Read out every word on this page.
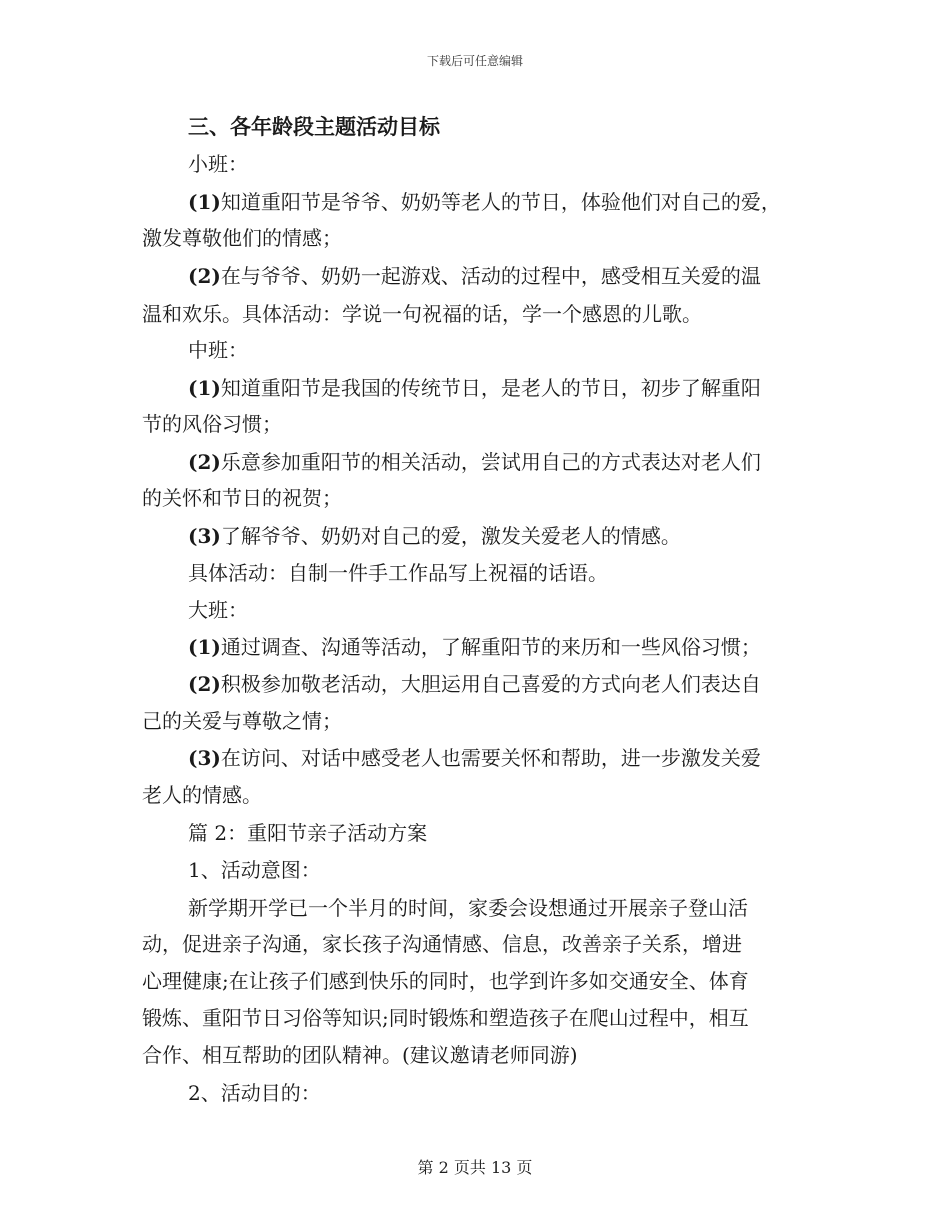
下载后可任意编辑
三、各年龄段主题活动目标
小班：
(1)知道重阳节是爷爷、奶奶等老人的节日，体验他们对自己的爱，
激发尊敬他们的情感；
(2)在与爷爷、奶奶一起游戏、活动的过程中，感受相互关爱的温
温和欢乐。具体活动：学说一句祝福的话，学一个感恩的儿歌。
中班：
(1)知道重阳节是我国的传统节日，是老人的节日，初步了解重阳
节的风俗习惯；
(2)乐意参加重阳节的相关活动，尝试用自己的方式表达对老人们
的关怀和节日的祝贺；
(3)了解爷爷、奶奶对自己的爱，激发关爱老人的情感。
具体活动：自制一件手工作品写上祝福的话语。
大班：
(1)通过调查、沟通等活动，了解重阳节的来历和一些风俗习惯；
(2)积极参加敬老活动，大胆运用自己喜爱的方式向老人们表达自
己的关爱与尊敬之情；
(3)在访问、对话中感受老人也需要关怀和帮助，进一步激发关爱
老人的情感。
篇 2：重阳节亲子活动方案
1、活动意图：
新学期开学已一个半月的时间，家委会设想通过开展亲子登山活
动，促进亲子沟通，家长孩子沟通情感、信息，改善亲子关系，增进
心理健康;在让孩子们感到快乐的同时，也学到许多如交通安全、体育
锻炼、重阳节日习俗等知识;同时锻炼和塑造孩子在爬山过程中，相互
合作、相互帮助的团队精神。(建议邀请老师同游)
2、活动目的：
第 2 页共 13 页
